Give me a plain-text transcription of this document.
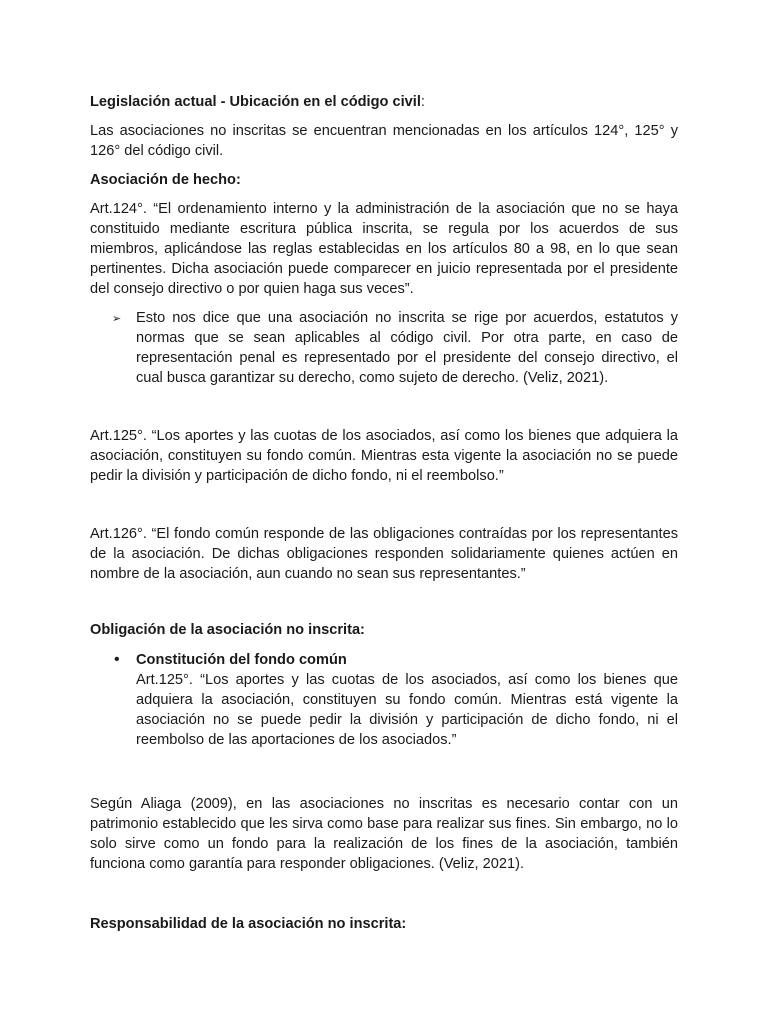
Legislación actual - Ubicación en el código civil:

Las asociaciones no inscritas se encuentran mencionadas en los artículos 124°, 125° y 126° del código civil.

Asociación de hecho:

Art.124°. “El ordenamiento interno y la administración de la asociación que no se haya constituido mediante escritura pública inscrita, se regula por los acuerdos de sus miembros, aplicándose las reglas establecidas en los artículos 80 a 98, en lo que sean pertinentes. Dicha asociación puede comparecer en juicio representada por el presidente del consejo directivo o por quien haga sus veces”.

➢	Esto nos dice que una asociación no inscrita se rige por acuerdos, estatutos y normas que se sean aplicables al código civil. Por otra parte, en caso de representación penal es representado por el presidente del consejo directivo, el cual busca garantizar su derecho, como sujeto de derecho. (Veliz, 2021).

Art.125°. “Los aportes y las cuotas de los asociados, así como los bienes que adquiera la asociación, constituyen su fondo común. Mientras esta vigente la asociación no se puede pedir la división y participación de dicho fondo, ni el reembolso.”

Art.126°. “El fondo común responde de las obligaciones contraídas por los representantes de la asociación. De dichas obligaciones responden solidariamente quienes actúen en nombre de la asociación, aun cuando no sean sus representantes.”

Obligación de la asociación no inscrita:

•	Constitución del fondo común

Art.125°. “Los aportes y las cuotas de los asociados, así como los bienes que adquiera la asociación, constituyen su fondo común. Mientras está vigente la asociación no se puede pedir la división y participación de dicho fondo, ni el reembolso de las aportaciones de los asociados.”

Según Aliaga (2009), en las asociaciones no inscritas es necesario contar con un patrimonio establecido que les sirva como base para realizar sus fines. Sin embargo, no lo solo sirve como un fondo para la realización de los fines de la asociación, también funciona como garantía para responder obligaciones. (Veliz, 2021).

Responsabilidad de la asociación no inscrita:
